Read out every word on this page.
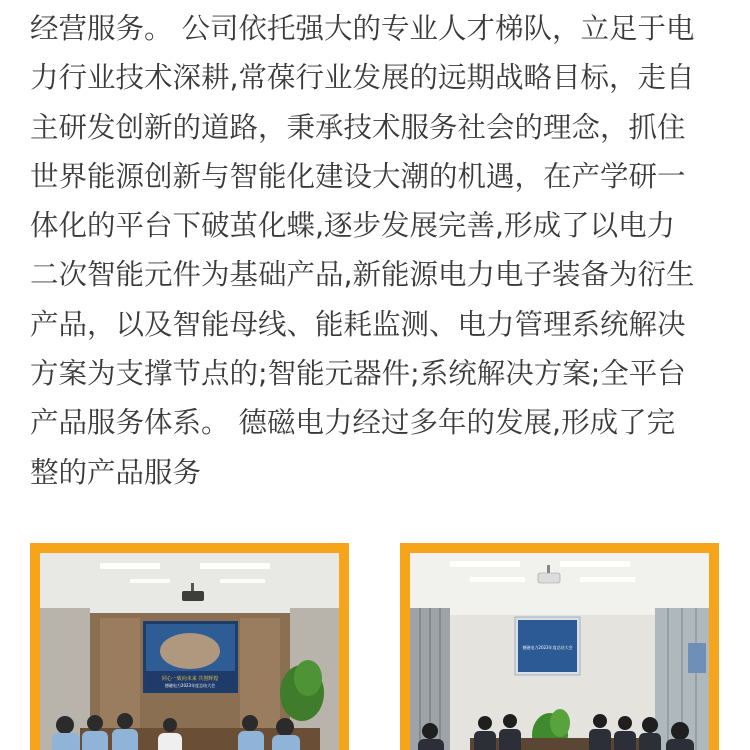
经营服务。 公司依托强大的专业人才梯队，立足于电

力行业技术深耕,常葆行业发展的远期战略目标，走自

主研发创新的道路，秉承技术服务社会的理念，抓住

世界能源创新与智能化建设大潮的机遇，在产学研一

体化的平台下破茧化蝶,逐步发展完善,形成了以电力

二次智能元件为基础产品,新能源电力电子装备为衍生

产品，以及智能母线、能耗监测、电力管理系统解决

方案为支撑节点的;智能元器件;系统解决方案;全平台

产品服务体系。 德磁电力经过多年的发展,形成了完

整的产品服务

同心一致向未来 共创辉煌
德磁电力2023年度总结大会
德磁电力2023年度总结大会
